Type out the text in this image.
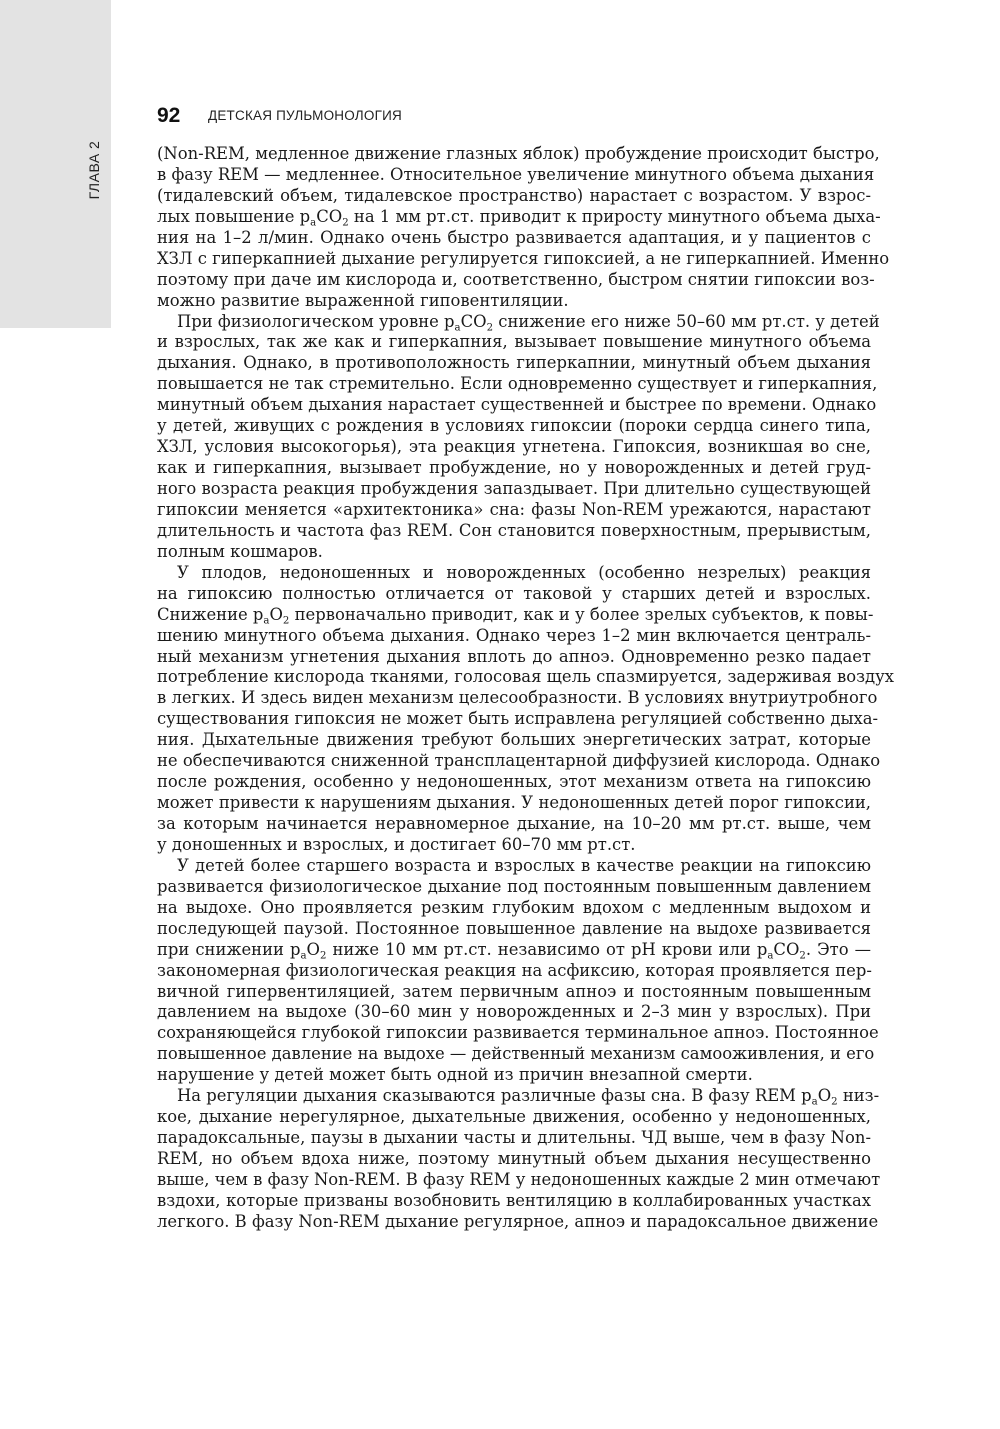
ГЛАВА 2
92 ДЕТСКАЯ ПУЛЬМОНОЛОГИЯ
(Non-REM, медленное движение глазных яблок) пробуждение происходит быстро,
в фазу REM — медленнее. Относительное увеличение минутного объема дыхания
(тидалевский объем, тидалевское пространство) нарастает с возрастом. У взрос-
лых повышение $p_aCO_2$ на 1 мм рт.ст. приводит к приросту минутного объема дыха-
ния на 1–2 л/мин. Однако очень быстро развивается адаптация, и у пациентов с
ХЗЛ с гиперкапнией дыхание регулируется гипоксией, а не гиперкапнией. Именно
поэтому при даче им кислорода и, соответственно, быстром снятии гипоксии воз-
можно развитие выраженной гиповентиляции.
При физиологическом уровне $p_aCO_2$ снижение его ниже 50–60 мм рт.ст. у детей
и взрослых, так же как и гиперкапния, вызывает повышение минутного объема
дыхания. Однако, в противоположность гиперкапнии, минутный объем дыхания
повышается не так стремительно. Если одновременно существует и гиперкапния,
минутный объем дыхания нарастает существенней и быстрее по времени. Однако
у детей, живущих с рождения в условиях гипоксии (пороки сердца синего типа,
ХЗЛ, условия высокогорья), эта реакция угнетена. Гипоксия, возникшая во сне,
как и гиперкапния, вызывает пробуждение, но у новорожденных и детей груд-
ного возраста реакция пробуждения запаздывает. При длительно существующей
гипоксии меняется «архитектоника» сна: фазы Non-REM урежаются, нарастают
длительность и частота фаз REM. Сон становится поверхностным, прерывистым,
полным кошмаров.
У плодов, недоношенных и новорожденных (особенно незрелых) реакция
на гипоксию полностью отличается от таковой у старших детей и взрослых.
Снижение $p_aO_2$ первоначально приводит, как и у более зрелых субъектов, к повы-
шению минутного объема дыхания. Однако через 1–2 мин включается централь-
ный механизм угнетения дыхания вплоть до апноэ. Одновременно резко падает
потребление кислорода тканями, голосовая щель спазмируется, задерживая воздух
в легких. И здесь виден механизм целесообразности. В условиях внутриутробного
существования гипоксия не может быть исправлена регуляцией собственно дыха-
ния. Дыхательные движения требуют больших энергетических затрат, которые
не обеспечиваются сниженной трансплацентарной диффузией кислорода. Однако
после рождения, особенно у недоношенных, этот механизм ответа на гипоксию
может привести к нарушениям дыхания. У недоношенных детей порог гипоксии,
за которым начинается неравномерное дыхание, на 10–20 мм рт.ст. выше, чем
у доношенных и взрослых, и достигает 60–70 мм рт.ст.
У детей более старшего возраста и взрослых в качестве реакции на гипоксию
развивается физиологическое дыхание под постоянным повышенным давлением
на выдохе. Оно проявляется резким глубоким вдохом с медленным выдохом и
последующей паузой. Постоянное повышенное давление на выдохе развивается
при снижении $p_aO_2$ ниже 10 мм рт.ст. независимо от pH крови или $p_aCO_2$. Это —
закономерная физиологическая реакция на асфиксию, которая проявляется пер-
вичной гипервентиляцией, затем первичным апноэ и постоянным повышенным
давлением на выдохе (30–60 мин у новорожденных и 2–3 мин у взрослых). При
сохраняющейся глубокой гипоксии развивается терминальное апноэ. Постоянное
повышенное давление на выдохе — действенный механизм самооживления, и его
нарушение у детей может быть одной из причин внезапной смерти.
На регуляции дыхания сказываются различные фазы сна. В фазу REM $p_aO_2$ низ-
кое, дыхание нерегулярное, дыхательные движения, особенно у недоношенных,
парадоксальные, паузы в дыхании часты и длительны. ЧД выше, чем в фазу Non-
REM, но объем вдоха ниже, поэтому минутный объем дыхания несущественно
выше, чем в фазу Non-REM. В фазу REM у недоношенных каждые 2 мин отмечают
вздохи, которые призваны возобновить вентиляцию в коллабированных участках
легкого. В фазу Non-REM дыхание регулярное, апноэ и парадоксальное движение
